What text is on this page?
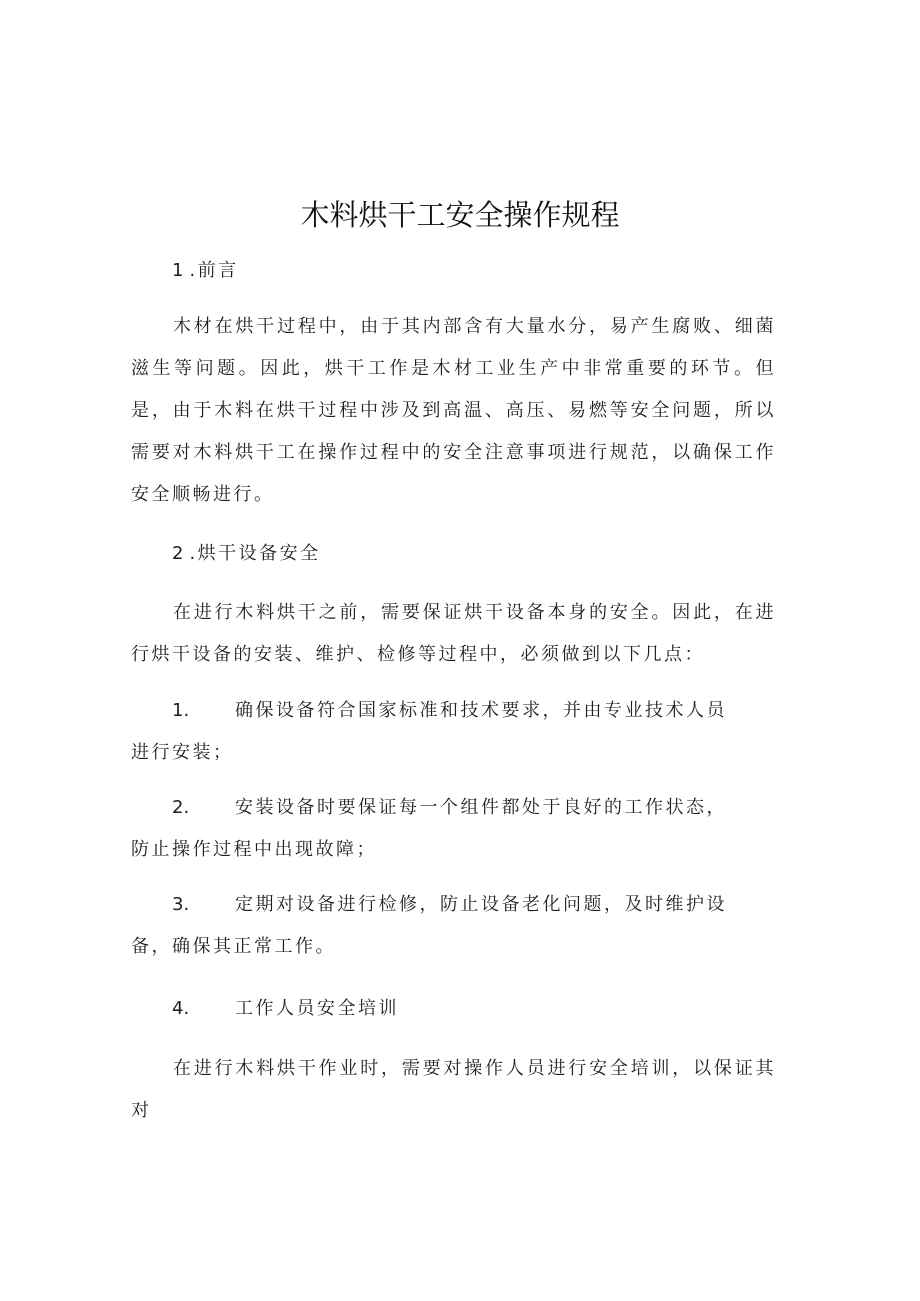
木料烘干工安全操作规程
1.前言

木材在烘干过程中，由于其内部含有大量水分，易产生腐败、细菌滋生等问题。因此，烘干工作是木材工业生产中非常重要的环节。但是，由于木料在烘干过程中涉及到高温、高压、易燃等安全问题，所以需要对木料烘干工在操作过程中的安全注意事项进行规范，以确保工作安全顺畅进行。

2.烘干设备安全

在进行木料烘干之前，需要保证烘干设备本身的安全。因此，在进行烘干设备的安装、维护、检修等过程中，必须做到以下几点：

1.	确保设备符合国家标准和技术要求，并由专业技术人员进行安装；

2.	安装设备时要保证每一个组件都处于良好的工作状态，防止操作过程中出现故障；

3.	定期对设备进行检修，防止设备老化问题，及时维护设备，确保其正常工作。

4.	工作人员安全培训

在进行木料烘干作业时，需要对操作人员进行安全培训，以保证其对
